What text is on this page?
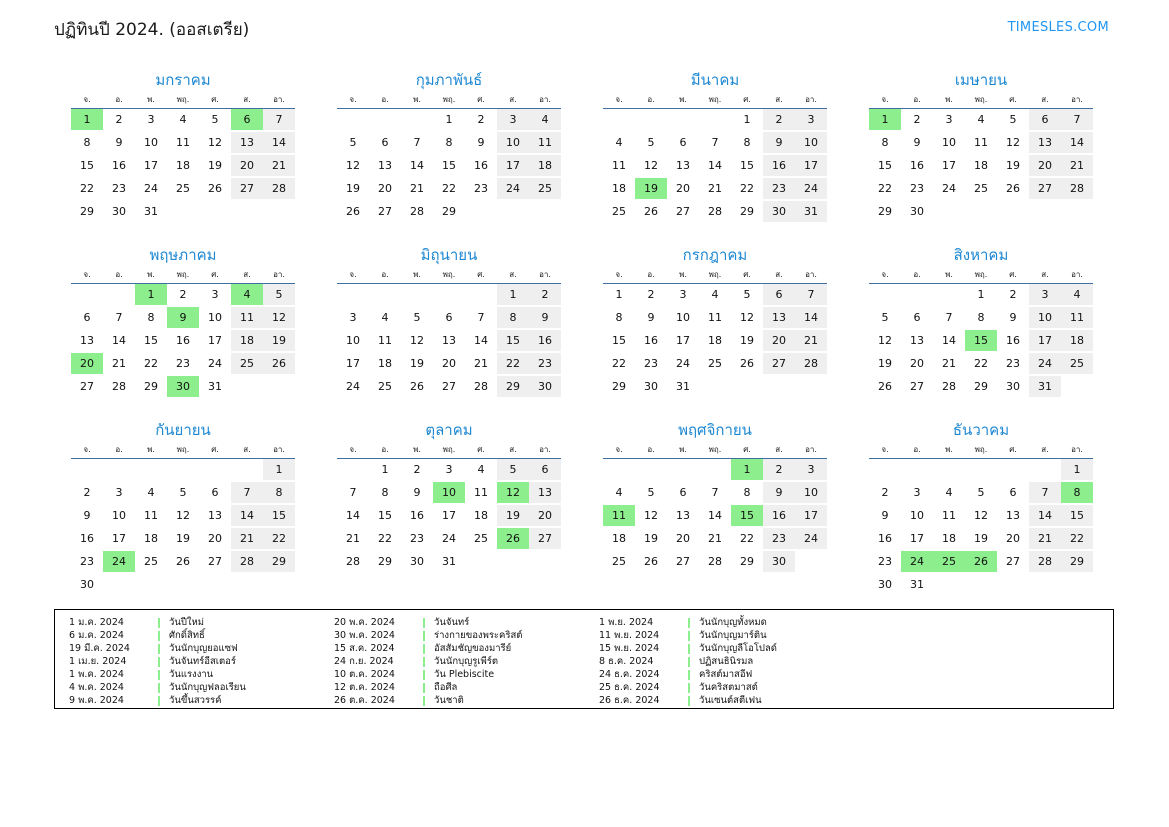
ปฏิทินปี 2024. (ออสเตรีย)	TIMESLES.COM
มกราคม
จ.	อ.	พ.	พฤ.	ศ.	ส.	อา.

1	2	3	4	5	6	7

8	9	10	11	12	13	14

15	16	17	18	19	20	21

22	23	24	25	26	27	28

29	30	31				

กุมภาพันธ์
จ.	อ.	พ.	พฤ.	ศ.	ส.	อา.

			1	2	3	4

5	6	7	8	9	10	11

12	13	14	15	16	17	18

19	20	21	22	23	24	25

26	27	28	29			

มีนาคม
จ.	อ.	พ.	พฤ.	ศ.	ส.	อา.

				1	2	3

4	5	6	7	8	9	10

11	12	13	14	15	16	17

18	19	20	21	22	23	24

25	26	27	28	29	30	31
เมษายน
จ.	อ.	พ.	พฤ.	ศ.	ส.	อา.

1	2	3	4	5	6	7

8	9	10	11	12	13	14

15	16	17	18	19	20	21

22	23	24	25	26	27	28

29	30					

พฤษภาคม
จ.	อ.	พ.	พฤ.	ศ.	ส.	อา.

		1	2	3	4	5

6	7	8	9	10	11	12

13	14	15	16	17	18	19

20	21	22	23	24	25	26

27	28	29	30	31		

มิถุนายน
จ.	อ.	พ.	พฤ.	ศ.	ส.	อา.

					1	2

3	4	5	6	7	8	9

10	11	12	13	14	15	16

17	18	19	20	21	22	23

24	25	26	27	28	29	30
กรกฎาคม
จ.	อ.	พ.	พฤ.	ศ.	ส.	อา.

1	2	3	4	5	6	7

8	9	10	11	12	13	14

15	16	17	18	19	20	21

22	23	24	25	26	27	28

29	30	31				

สิงหาคม
จ.	อ.	พ.	พฤ.	ศ.	ส.	อา.

			1	2	3	4

5	6	7	8	9	10	11

12	13	14	15	16	17	18

19	20	21	22	23	24	25

26	27	28	29	30	31	

กันยายน
จ.	อ.	พ.	พฤ.	ศ.	ส.	อา.

						1

2	3	4	5	6	7	8

9	10	11	12	13	14	15

16	17	18	19	20	21	22

23	24	25	26	27	28	29

30						

ตุลาคม
จ.	อ.	พ.	พฤ.	ศ.	ส.	อา.

	1	2	3	4	5	6

7	8	9	10	11	12	13

14	15	16	17	18	19	20

21	22	23	24	25	26	27

28	29	30	31			

พฤศจิกายน
จ.	อ.	พ.	พฤ.	ศ.	ส.	อา.

				1	2	3

4	5	6	7	8	9	10

11	12	13	14	15	16	17

18	19	20	21	22	23	24

25	26	27	28	29	30	

ธันวาคม
จ.	อ.	พ.	พฤ.	ศ.	ส.	อา.

						1

2	3	4	5	6	7	8

9	10	11	12	13	14	15

16	17	18	19	20	21	22

23	24	25	26	27	28	29

30	31					

1 ม.ค. 2024	วันปีใหม่
6 ม.ค. 2024	ศักดิ์สิทธิ์
19 มี.ค. 2024	วันนักบุญยอแซฟ
1 เม.ย. 2024	วันจันทร์อีสเตอร์
1 พ.ค. 2024	วันแรงงาน
4 พ.ค. 2024	วันนักบุญฟลอเรียน
9 พ.ค. 2024	วันขึ้นสวรรค์
20 พ.ค. 2024	วันจันทร์
30 พ.ค. 2024	ร่างกายของพระคริสต์
15 ส.ค. 2024	อัสสัมชัญของมารีย์
24 ก.ย. 2024	วันนักบุญรูเพีร์ต
10 ต.ค. 2024	วัน Plebiscite
12 ต.ค. 2024	ถือศีล
26 ต.ค. 2024	วันชาติ
1 พ.ย. 2024	วันนักบุญทั้งหมด
11 พ.ย. 2024	วันนักบุญมาร์ติน
15 พ.ย. 2024	วันนักบุญลีโอโปลด์
8 ธ.ค. 2024	ปฏิสนธินิรมล
24 ธ.ค. 2024	คริสต์มาสอีฟ
25 ธ.ค. 2024	วันคริสตมาสต์
26 ธ.ค. 2024	วันเซนต์สตีเฟน
